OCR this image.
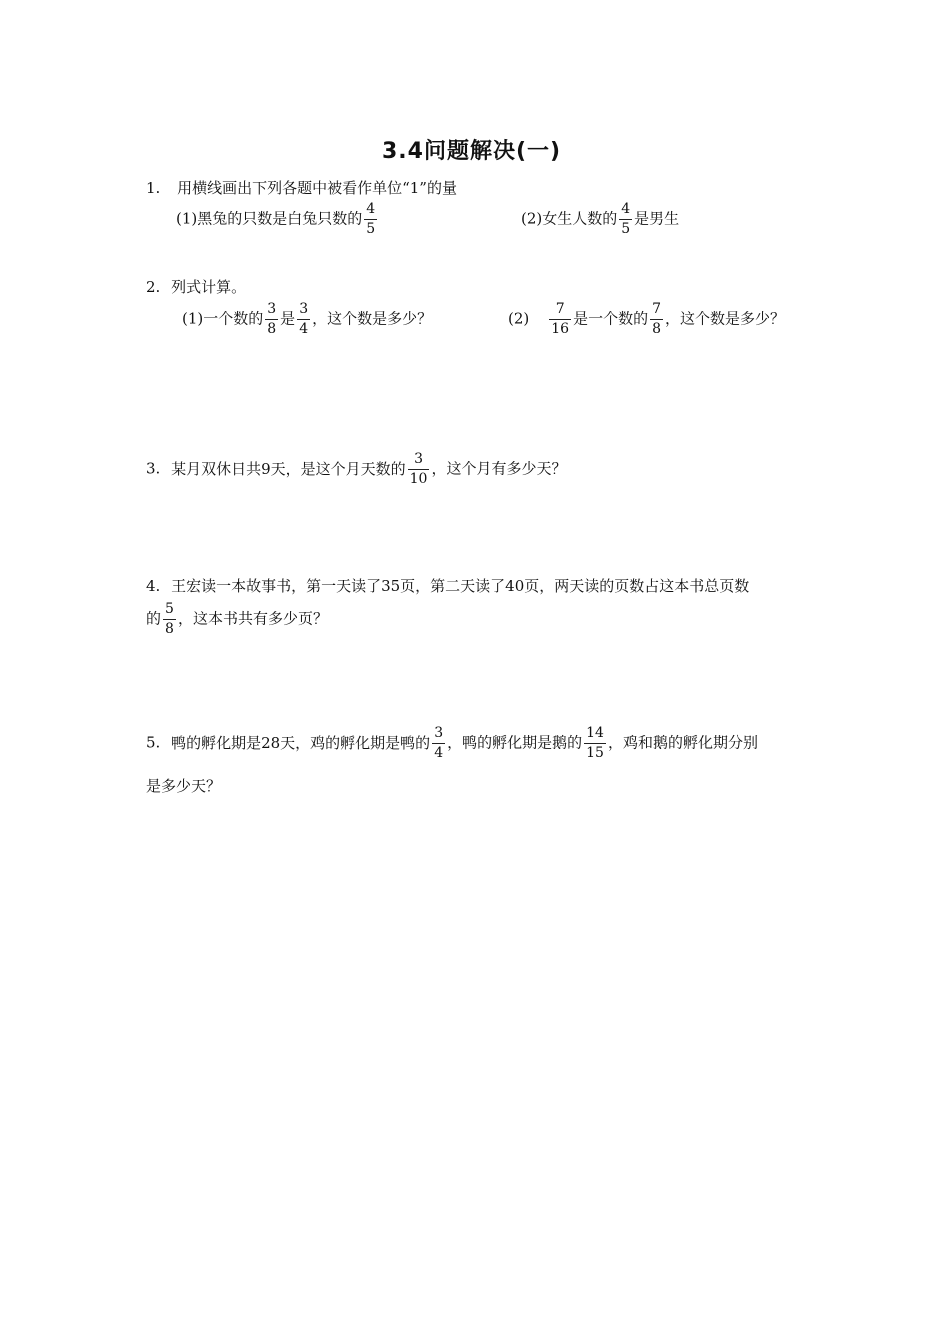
3.4问题解决(一)
1. 用横线画出下列各题中被看作单位“1”的量
(1)黑兔的只数是白兔只数的 $\frac{4}{5}$	(2)女生人数的 $\frac{4}{5}$ 是男生
2. 列式计算。
(1)一个数的 $\frac{3}{8}$ 是 $\frac{3}{4}$ ，这个数是多少？	$(2) \frac{7}{16}$ 是一个数的 $\frac{7}{8}$ ，这个数是多少？
3. 某月双休日共9天，是这个月天数的 $\frac{3}{10}$ ，这个月有多少天？
4. 王宏读一本故事书，第一天读了35页，第二天读了40页，两天读的页数占这本书总页数
的 $\frac{5}{8}$ ，这本书共有多少页？
5. 鸭的孵化期是28天，鸡的孵化期是鸭的 $\frac{3}{4}$ ，鸭的孵化期是鹅的 $\frac{14}{15}$ ，鸡和鹅的孵化期分别
是多少天？
